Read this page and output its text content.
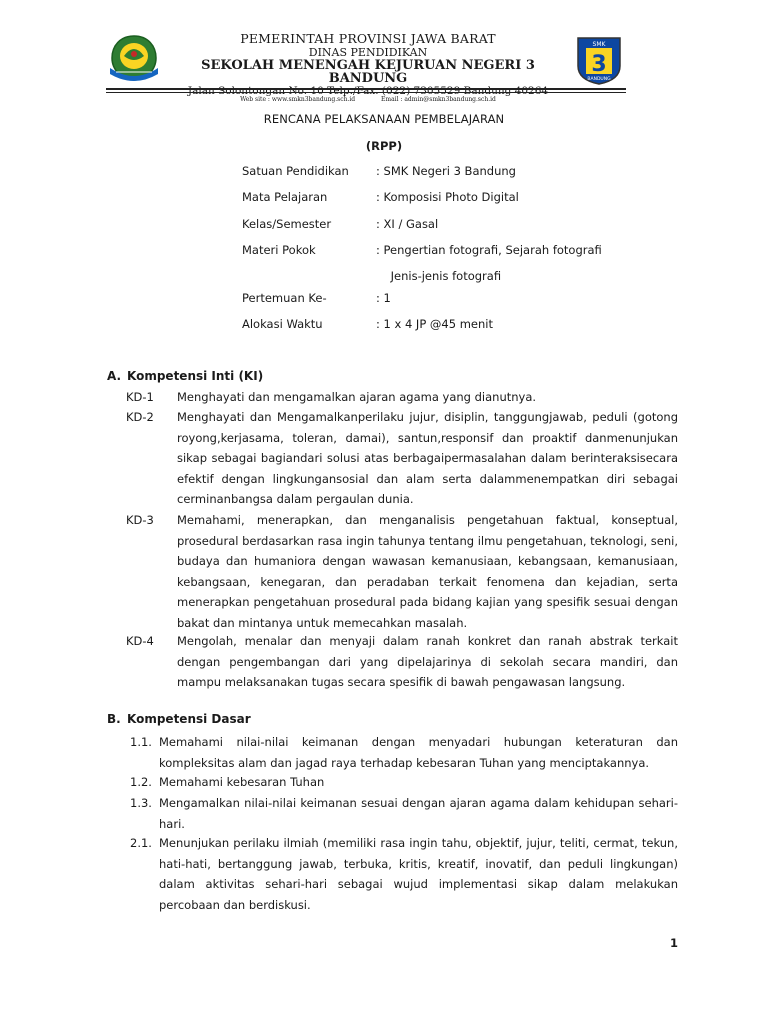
PEMERINTAH PROVINSI JAWA BARAT
DINAS PENDIDIKAN
SEKOLAH MENENGAH KEJURUAN NEGERI 3 BANDUNG
Jalan Solontongan No. 10 Telp./Fax. (022) 7305529 Bandung 40264
Web site : www.smkn3bandung.sch.id	Email : admin@smkn3bandung.sch.id
SMK
3
BANDUNG
RENCANA PELAKSANAAN PEMBELAJARAN
(RPP)
Satuan Pendidikan : SMK Negeri 3 Bandung
Mata Pelajaran	: Komposisi Photo Digital
Kelas/Semester	: XI / Gasal
Materi Pokok	: Pengertian fotografi, Sejarah fotografi
Jenis-jenis fotografi
Pertemuan Ke-	: 1
Alokasi Waktu	: 1 x 4 JP @45 menit
A. Kompetensi Inti (KI)
KD-1 Menghayati dan mengamalkan ajaran agama yang dianutnya.
KD-2 Menghayati dan Mengamalkanperilaku jujur, disiplin, tanggungjawab, peduli (gotong royong,kerjasama, toleran, damai), santun,responsif dan proaktif danmenunjukan sikap sebagai bagiandari solusi atas berbagaipermasalahan dalam berinteraksisecara efektif dengan lingkungansosial dan alam serta dalammenempatkan diri sebagai cerminanbangsa dalam pergaulan dunia.
KD-3 Memahami, menerapkan, dan menganalisis pengetahuan faktual, konseptual, prosedural berdasarkan rasa ingin tahunya tentang ilmu pengetahuan, teknologi, seni, budaya dan humaniora dengan wawasan kemanusiaan, kebangsaan, kemanusiaan, kebangsaan, kenegaran, dan peradaban terkait fenomena dan kejadian, serta menerapkan pengetahuan prosedural pada bidang kajian yang spesifik sesuai dengan bakat dan mintanya untuk memecahkan masalah.
KD-4 Mengolah, menalar dan menyaji dalam ranah konkret dan ranah abstrak terkait dengan pengembangan dari yang dipelajarinya di sekolah secara mandiri, dan mampu melaksanakan tugas secara spesifik di bawah pengawasan langsung.
B. Kompetensi Dasar
1.1. Memahami nilai-nilai keimanan dengan menyadari hubungan keteraturan dan kompleksitas alam dan jagad raya terhadap kebesaran Tuhan yang menciptakannya.
1.2. Memahami kebesaran Tuhan
1.3. Mengamalkan nilai-nilai keimanan sesuai dengan ajaran agama dalam kehidupan sehari-hari.
2.1. Menunjukan perilaku ilmiah (memiliki rasa ingin tahu, objektif, jujur, teliti, cermat, tekun, hati-hati, bertanggung jawab, terbuka, kritis, kreatif, inovatif, dan peduli lingkungan) dalam aktivitas sehari-hari sebagai wujud implementasi sikap dalam melakukan percobaan dan berdiskusi.
1
